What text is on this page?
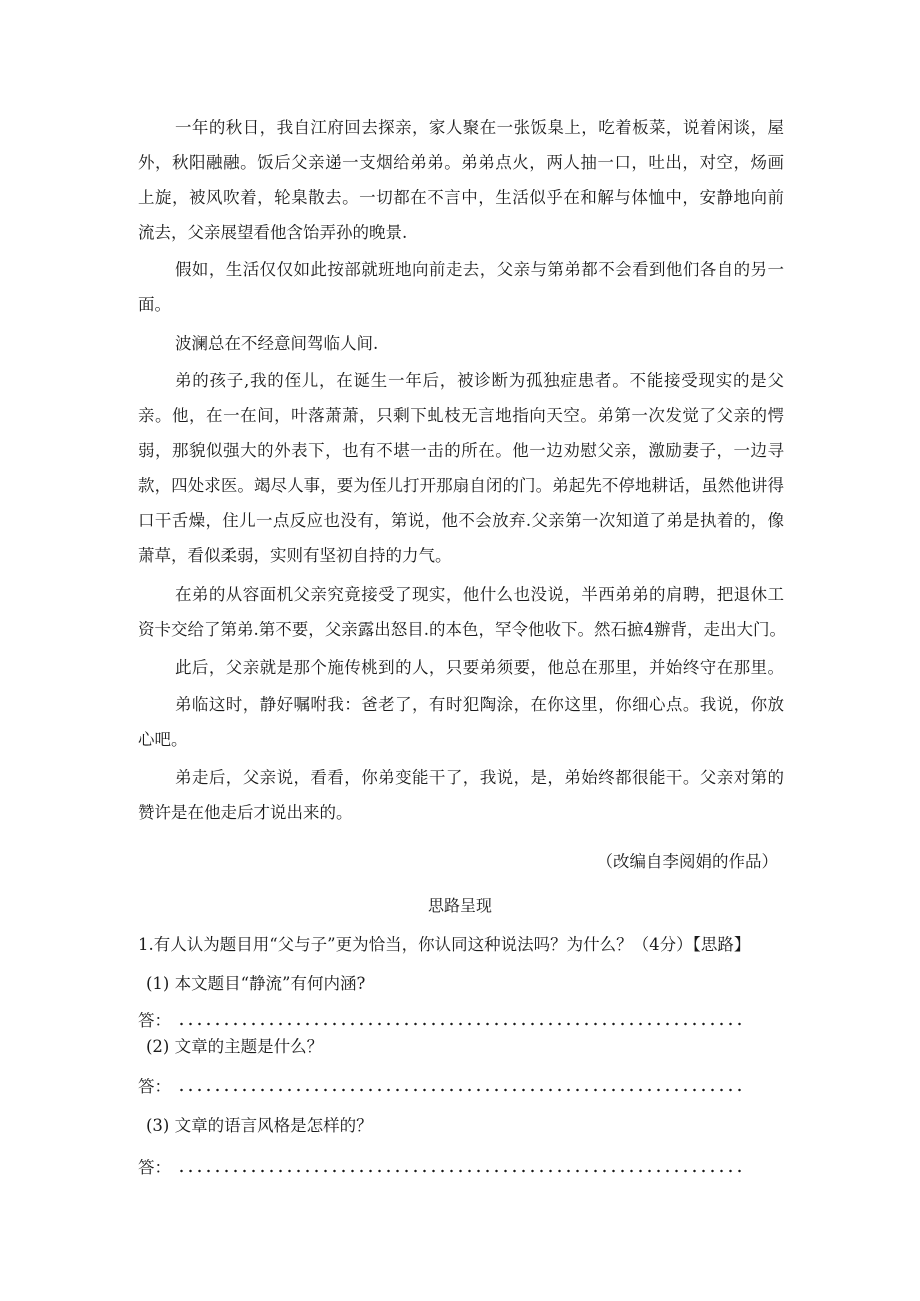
一年的秋日，我自江府回去探亲，家人聚在一张饭臬上，吃着板菜，说着闲谈，屋
外，秋阳融融。饭后父亲递一支烟给弟弟。弟弟点火，两人抽一口，吐出，对空，炀画
上旋，被风吹着，轮臬散去。一切都在不言中，生活似乎在和解与体恤中，安静地向前
流去，父亲展望看他含饴弄孙的晚景.
假如，生活仅仅如此按部就班地向前走去，父亲与第弟都不会看到他们各自的另一
面。
波澜总在不经意间驾临人间.
弟的孩子,我的侄儿，在诞生一年后，被诊断为孤独症患者。不能接受现实的是父
亲。他，在一在间，叶落萧萧，只剩下虬枝无言地指向天空。弟第一次发觉了父亲的愕
弱，那貌似强大的外表下，也有不堪一击的所在。他一边劝慰父亲，激励妻子，一边寻
款，四处求医。竭尽人事，要为侄儿打开那扇自闭的门。弟起先不停地耕话，虽然他讲得
口干舌燥，住儿一点反应也没有，第说，他不会放弃.父亲第一次知道了弟是执着的，像
萧草，看似柔弱，实则有坚初自持的力气。
在弟的从容面机父亲究竟接受了现实，他什么也没说，半西弟弟的肩聘，把退休工
资卡交给了第弟.第不要，父亲露出怒目.的本色，罕令他收下。然石摭4辦背，走出大门。
此后，父亲就是那个施传桃到的人，只要弟须要，他总在那里，并始终守在那里。
弟临这时，静好嘱咐我：爸老了，有时犯陶涂，在你这里，你细心点。我说，你放
心吧。
弟走后，父亲说，看看，你弟变能干了，我说，是，弟始终都很能干。父亲对第的
赞许是在他走后才说出来的。
（改编自李阅娟的作品）
思路呈现
1.有人认为题目用“父与子”更为恰当，你认同这种说法吗？为什么？（4分）【思路】
(1) 本文题目“静流”有何内涵?
答：
(2) 文章的主题是什么？
答：
(3) 文章的语言风格是怎样的？
答：
